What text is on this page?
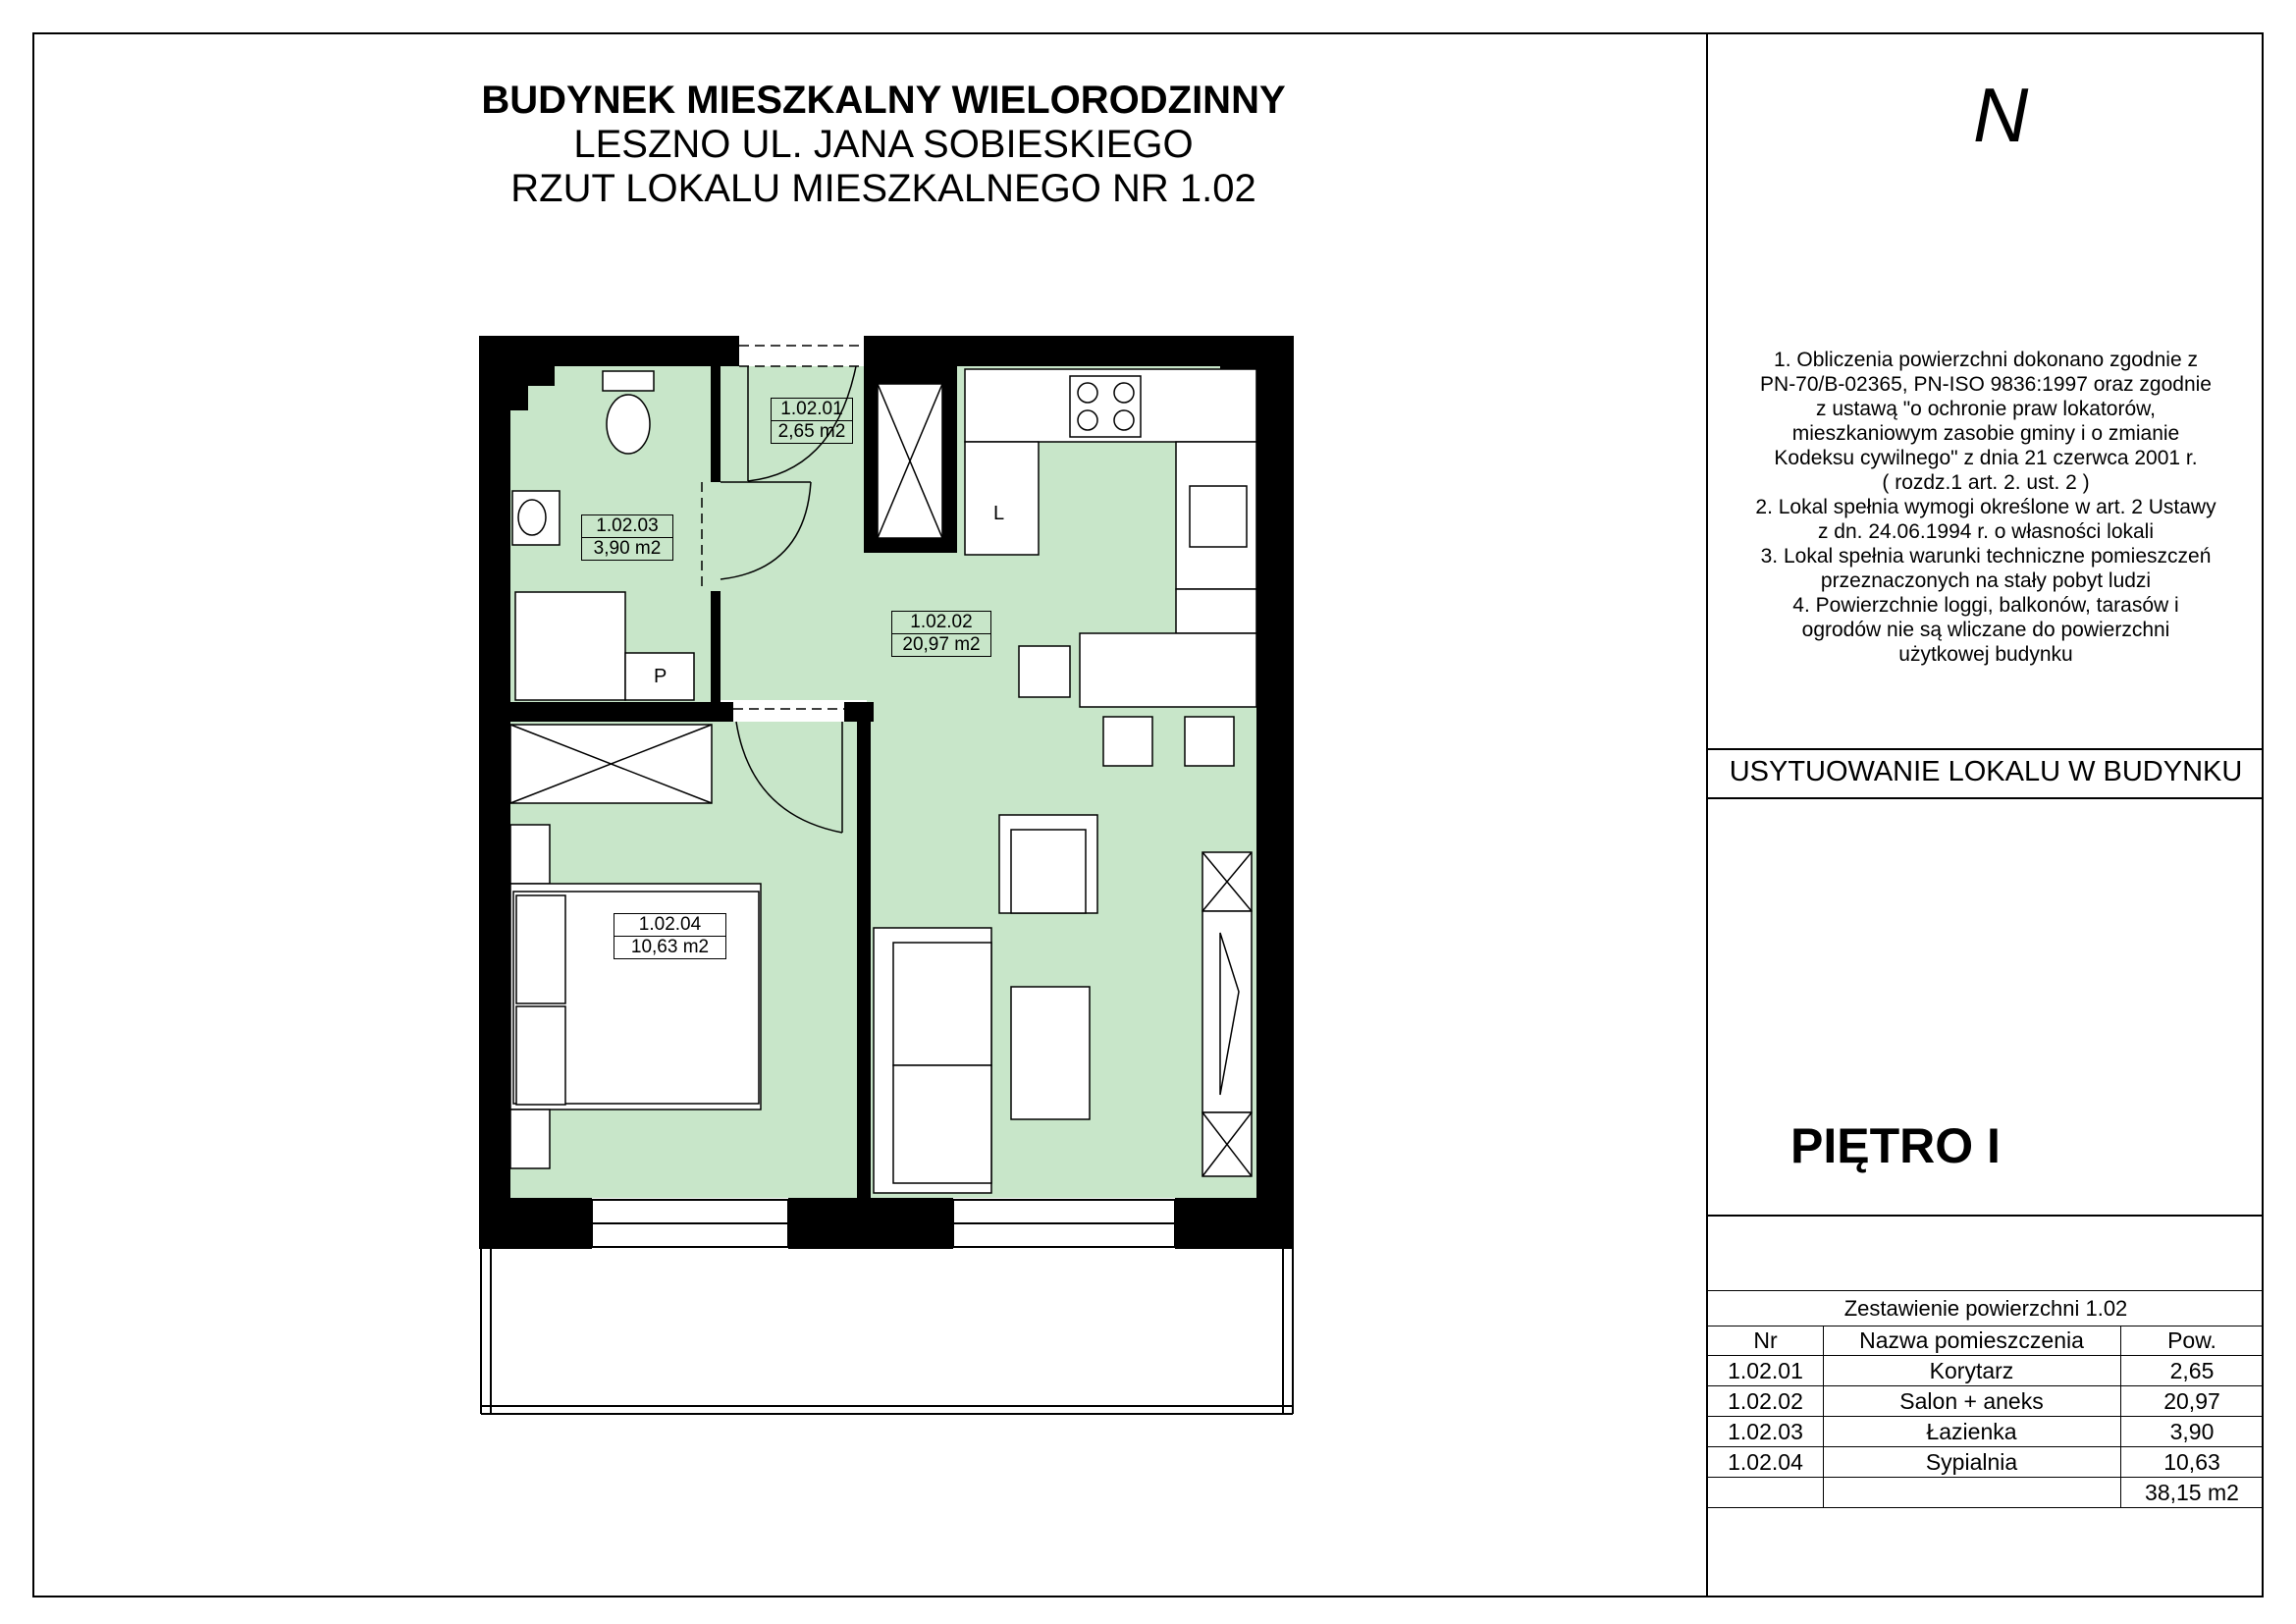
BUDYNEK MIESZKALNY WIELORODZINNY
LESZNO UL. JANA SOBIESKIEGO
RZUT LOKALU MIESZKALNEGO NR 1.02
1.02.01
2,65 m2
1.02.03
3,90 m2
1.02.02
20,97 m2
1.02.04
10,63 m2
P
L
N
1. Obliczenia powierzchni dokonano zgodnie z
PN-70/B-02365, PN-ISO 9836:1997 oraz zgodnie
z ustawą "o ochronie praw lokatorów,
mieszkaniowym zasobie gminy i o zmianie
Kodeksu cywilnego" z dnia 21 czerwca 2001 r.
( rozdz.1 art. 2. ust. 2 )
2. Lokal spełnia wymogi określone w art. 2 Ustawy
z dn. 24.06.1994 r. o własności lokali
3. Lokal spełnia warunki techniczne pomieszczeń
przeznaczonych na stały pobyt ludzi
4. Powierzchnie loggi, balkonów, tarasów i
ogrodów nie są wliczane do powierzchni
użytkowej budynku
USYTUOWANIE LOKALU W BUDYNKU
PIĘTRO I
Zestawienie powierzchni 1.02
Nr	Nazwa pomieszczenia	Pow.
1.02.01	Korytarz	2,65
1.02.02	Salon + aneks	20,97
1.02.03	Łazienka	3,90
1.02.04	Sypialnia	10,63
38,15 m2
